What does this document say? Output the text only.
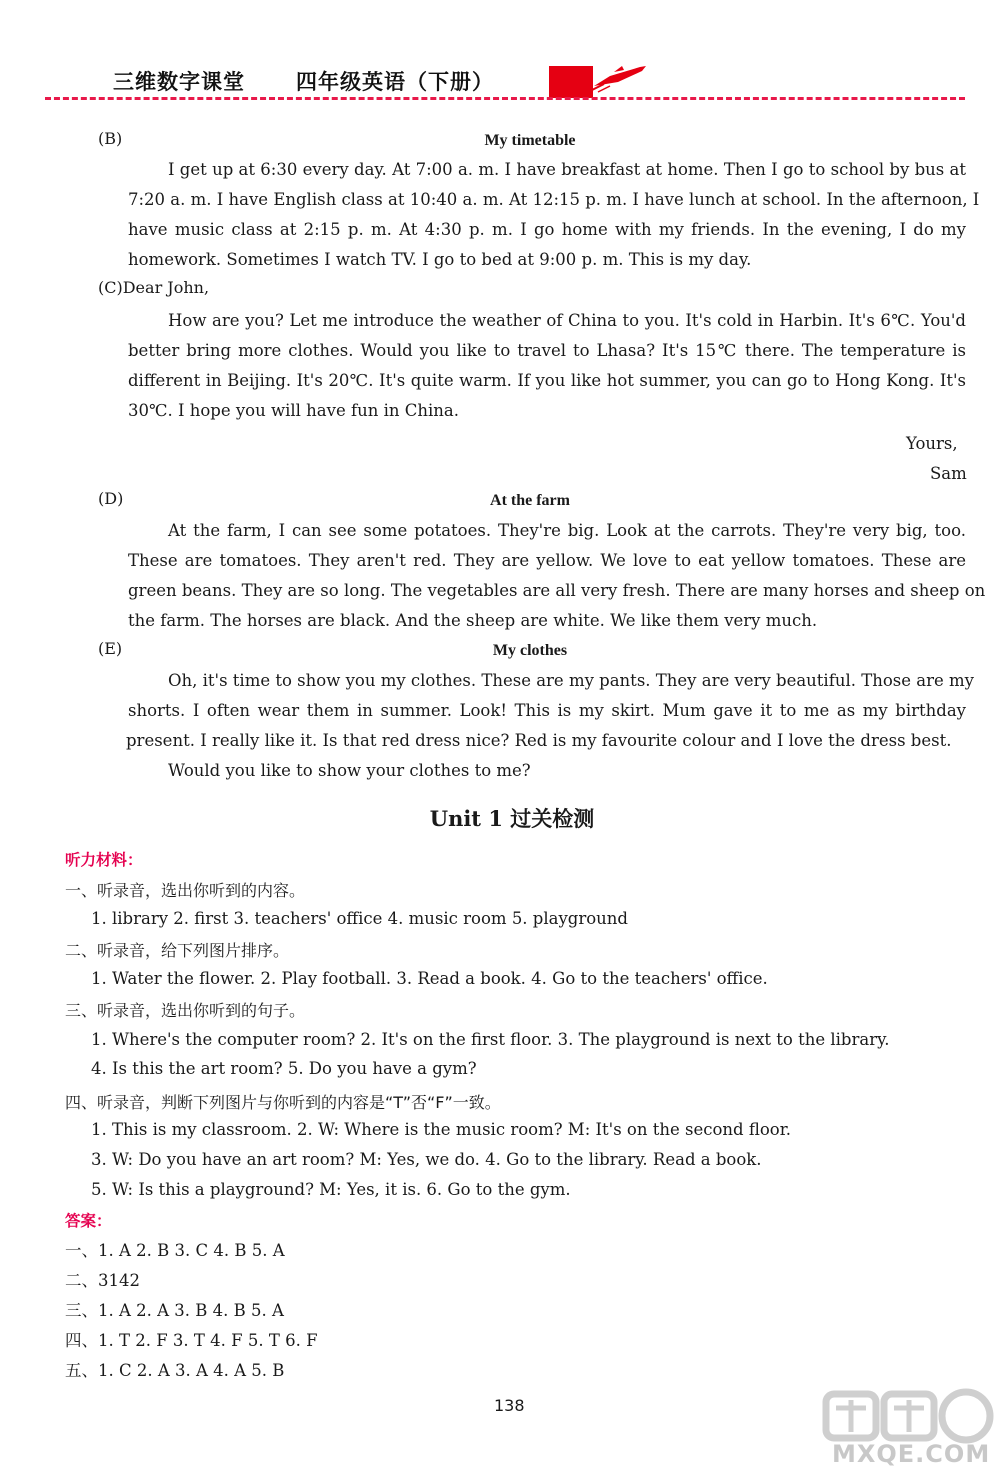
三维数字课堂 四年级英语（下册）
(B)	My timetable
I get up at 6:30 every day. At 7:00 a. m. I have breakfast at home. Then I go to school by bus at
7:20 a. m. I have English class at 10:40 a. m. At 12:15 p. m. I have lunch at school. In the afternoon, I
have music class at 2:15 p. m. At 4:30 p. m. I go home with my friends. In the evening, I do my
homework. Sometimes I watch TV. I go to bed at 9:00 p. m. This is my day.
(C)Dear John,
How are you? Let me introduce the weather of China to you. It's cold in Harbin. It's 6℃. You'd
better bring more clothes. Would you like to travel to Lhasa? It's 15℃ there. The temperature is
different in Beijing. It's 20℃. It's quite warm. If you like hot summer, you can go to Hong Kong. It's
30℃. I hope you will have fun in China.
Yours,
Sam
(D)	At the farm
At the farm, I can see some potatoes. They're big. Look at the carrots. They're very big, too.
These are tomatoes. They aren't red. They are yellow. We love to eat yellow tomatoes. These are
green beans. They are so long. The vegetables are all very fresh. There are many horses and sheep on
the farm. The horses are black. And the sheep are white. We like them very much.
(E)	My clothes
Oh, it's time to show you my clothes. These are my pants. They are very beautiful. Those are my
shorts. I often wear them in summer. Look! This is my skirt. Mum gave it to me as my birthday
present. I really like it. Is that red dress nice? Red is my favourite colour and I love the dress best.
Would you like to show your clothes to me?
Unit 1 过关检测
听力材料：
一、听录音，选出你听到的内容。
1. library 2. first 3. teachers' office 4. music room 5. playground
二、听录音，给下列图片排序。
1. Water the flower. 2. Play football. 3. Read a book. 4. Go to the teachers' office.
三、听录音，选出你听到的句子。
1. Where's the computer room? 2. It's on the first floor. 3. The playground is next to the library.
4. Is this the art room? 5. Do you have a gym?
四、听录音，判断下列图片与你听到的内容是“T”否“F”一致。
1. This is my classroom. 2. W: Where is the music room? M: It's on the second floor.
3. W: Do you have an art room? M: Yes, we do. 4. Go to the library. Read a book.
5. W: Is this a playground? M: Yes, it is. 6. Go to the gym.
答案：
一、1. A 2. B 3. C 4. B 5. A
二、3142
三、1. A 2. A 3. B 4. B 5. A
四、1. T 2. F 3. T 4. F 5. T 6. F
五、1. C 2. A 3. A 4. A 5. B
138
MXQE.COM
